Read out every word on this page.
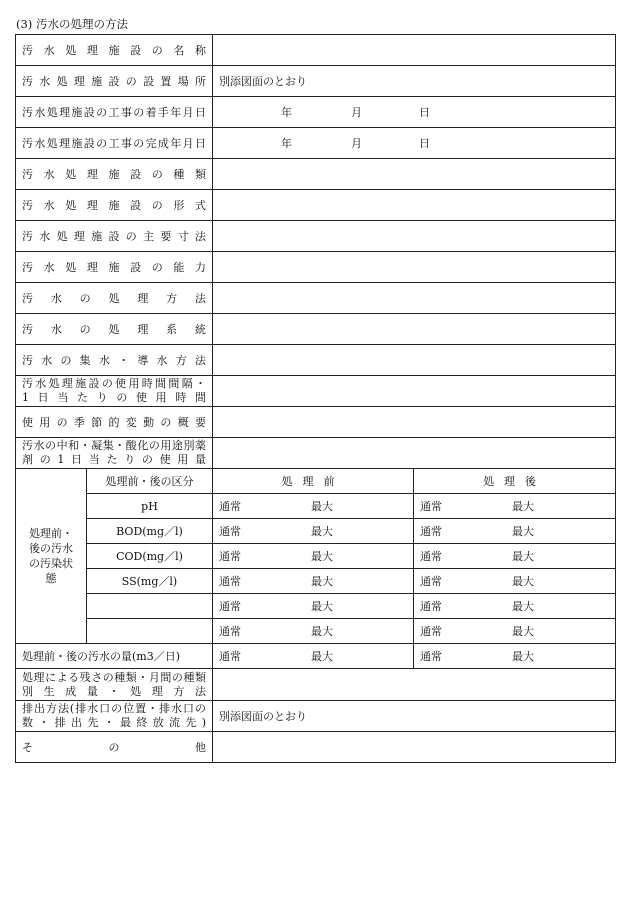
(3) 汚水の処理の方法
汚水処理施設の名称			
汚水処理施設の設置場所		別添図面のとおり	
汚水処理施設の工事の着手年月日		年 月 日	
汚水処理施設の工事の完成年月日		年 月 日	
汚水処理施設の種類			
汚水処理施設の形式			
汚水処理施設の主要寸法			
汚水処理施設の能力			
汚水の処理方法			
汚水の処理系統			
汚水の集水・導水方法			

汚水処理施設の使用時間間隔・
1日当たりの使用時間			

使用の季節的変動の概要			

汚水の中和・凝集・酸化の用途別薬
剤の1日当たりの使用量			

処理前・
後の汚水
の汚染状
態	処理前・後の区分	処理前	処理後
	pH	通常 最大	通常 最大

	BOD(mg／l)	通常 最大	通常 最大

	COD(mg／l)	通常 最大	通常 最大

	SS(mg／l)	通常 最大	通常 最大

		通常 最大	通常 最大

		通常 最大	通常 最大

処理前・後の汚水の量(m3／日)		通常 最大	通常 最大

処理による残さの種類・月間の種類
別生成量・処理方法			

排出方法(排水口の位置・排水口の
数・排出先・最終放流先)		別添図面のとおり	
その他			
